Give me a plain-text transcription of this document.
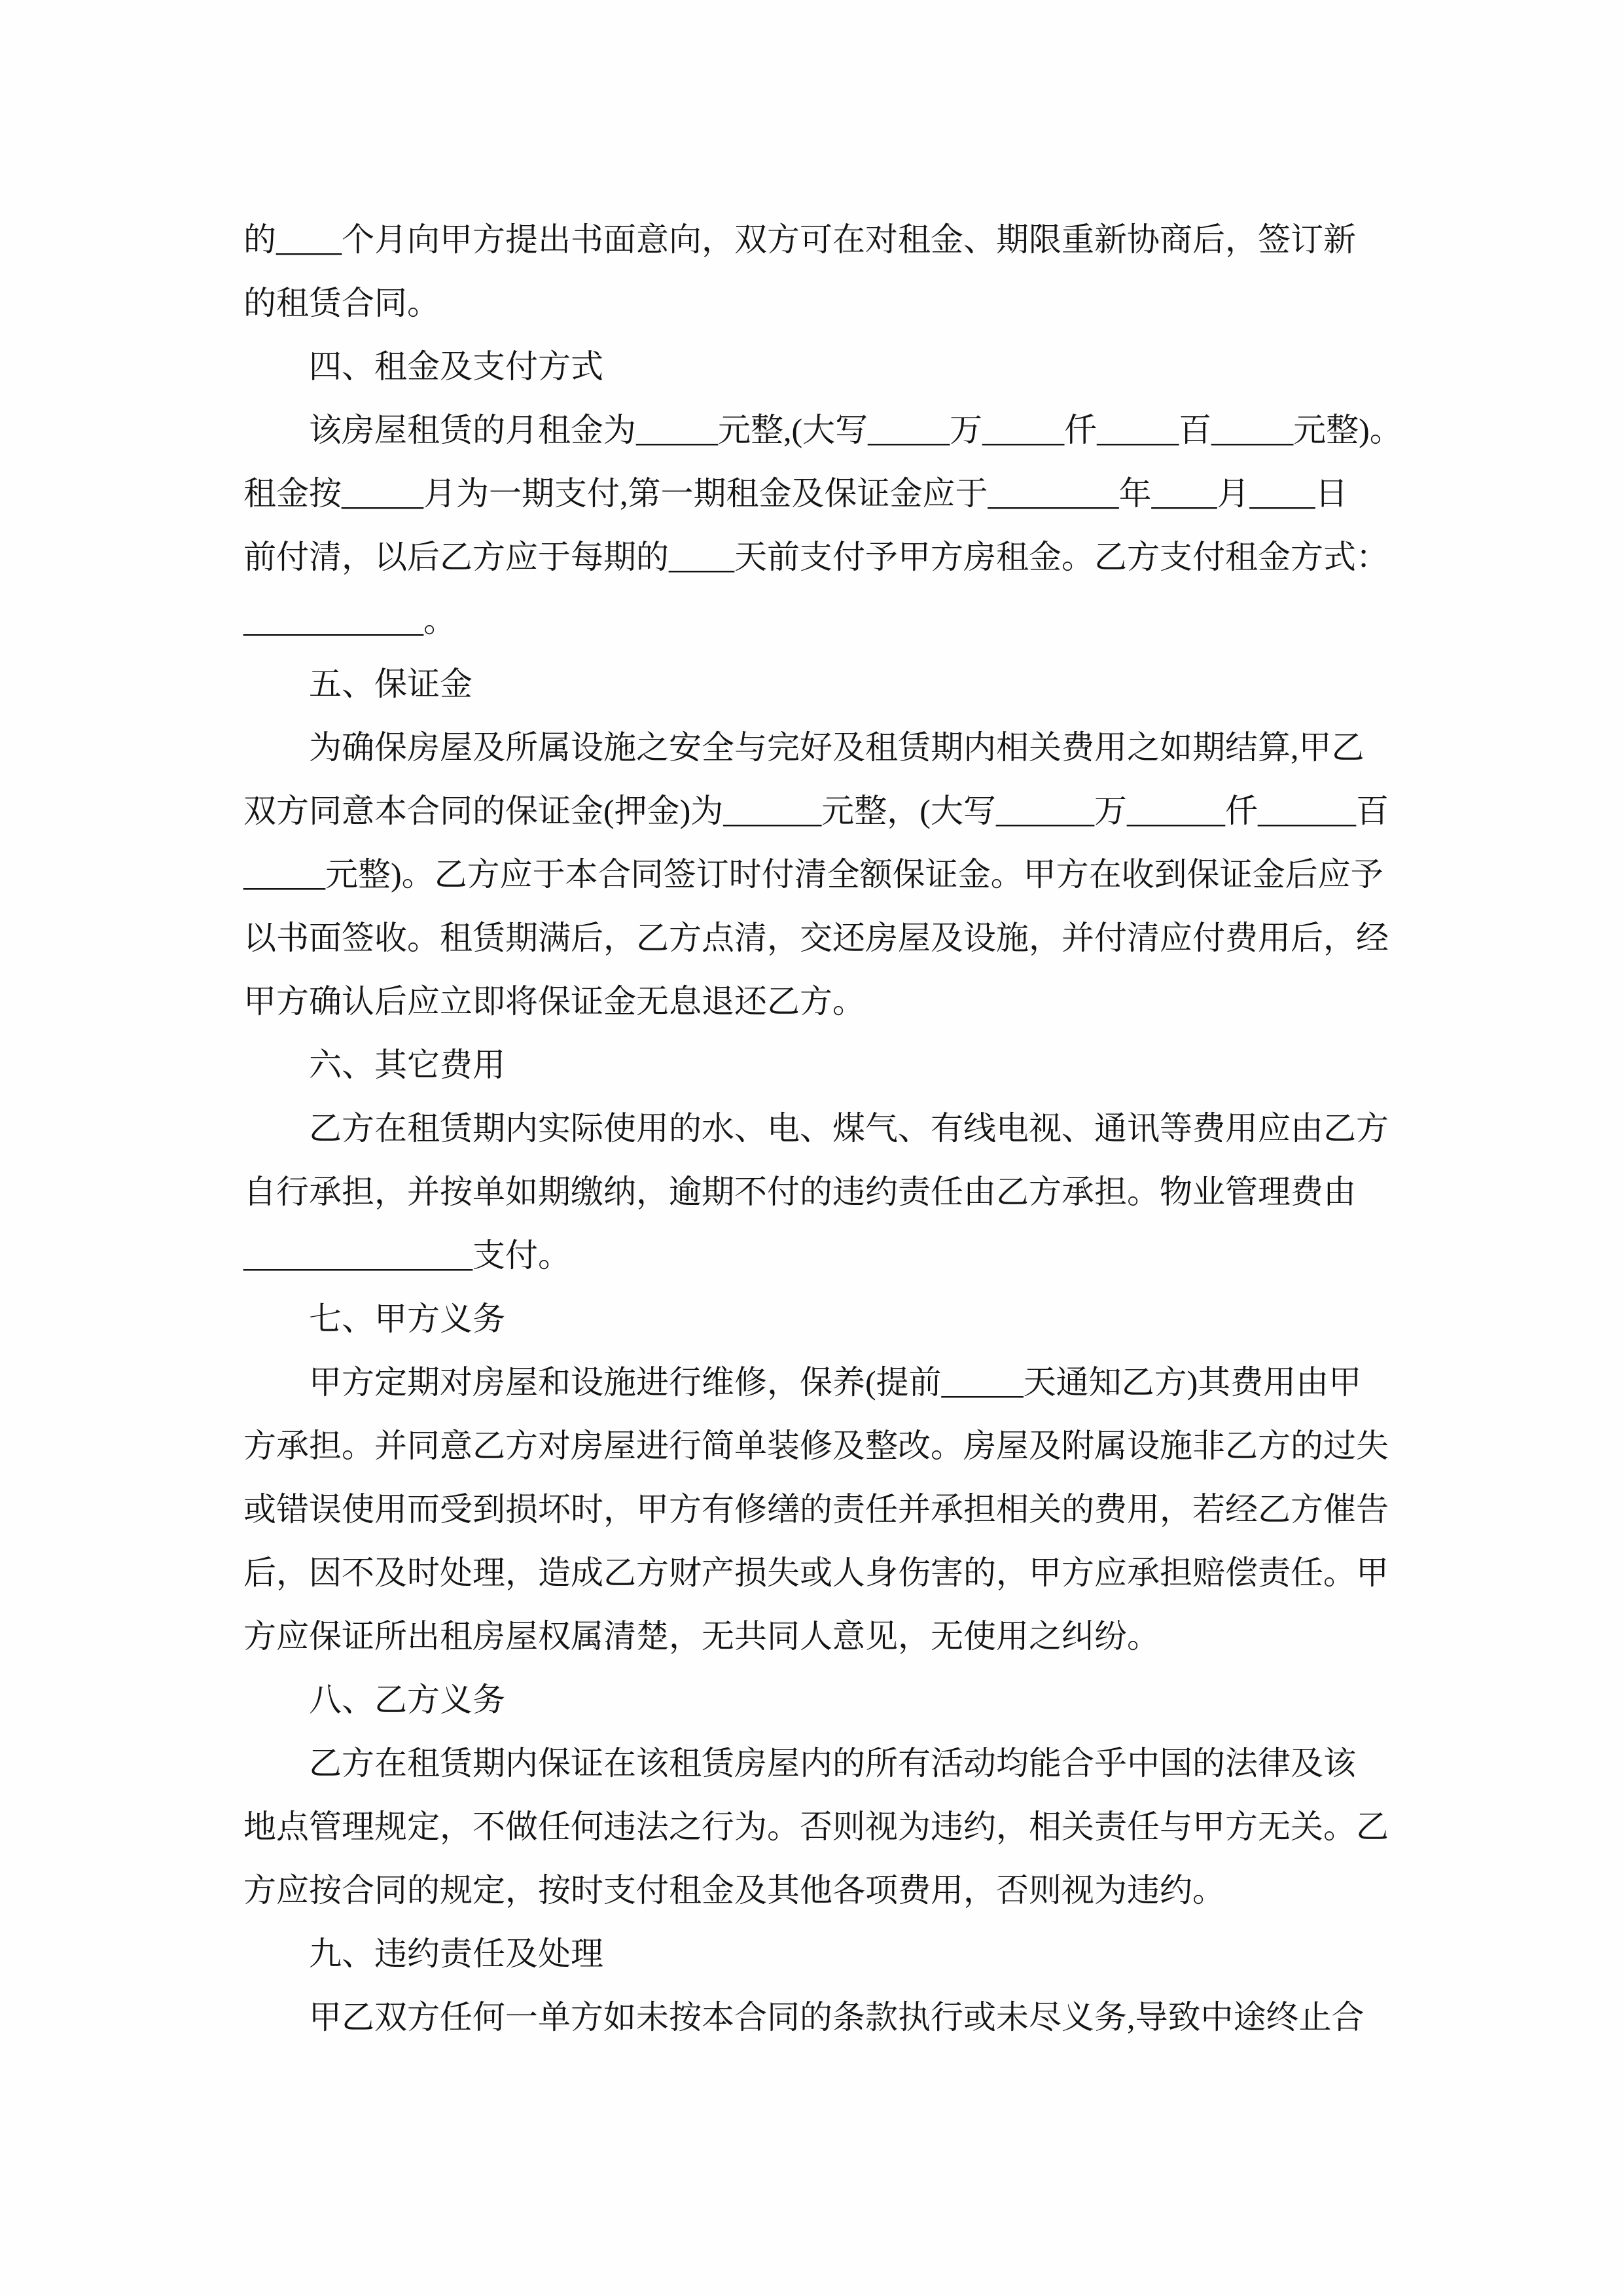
的____个月向甲方提出书面意向，双方可在对租金、期限重新协商后，签订新
的租赁合同。
四、租金及支付方式
该房屋租赁的月租金为_____元整,(大写_____万_____仟_____百_____元整)。
租金按_____月为一期支付,第一期租金及保证金应于________年____月____日
前付清，以后乙方应于每期的____天前支付予甲方房租金。乙方支付租金方式：
___________。
五、保证金
为确保房屋及所属设施之安全与完好及租赁期内相关费用之如期结算,甲乙
双方同意本合同的保证金(押金)为______元整，(大写______万______仟______百
_____元整)。乙方应于本合同签订时付清全额保证金。甲方在收到保证金后应予
以书面签收。租赁期满后，乙方点清，交还房屋及设施，并付清应付费用后，经
甲方确认后应立即将保证金无息退还乙方。
六、其它费用
乙方在租赁期内实际使用的水、电、煤气、有线电视、通讯等费用应由乙方
自行承担，并按单如期缴纳，逾期不付的违约责任由乙方承担。物业管理费由
______________支付。
七、甲方义务
甲方定期对房屋和设施进行维修，保养(提前_____天通知乙方)其费用由甲
方承担。并同意乙方对房屋进行简单装修及整改。房屋及附属设施非乙方的过失
或错误使用而受到损坏时，甲方有修缮的责任并承担相关的费用，若经乙方催告
后，因不及时处理，造成乙方财产损失或人身伤害的，甲方应承担赔偿责任。甲
方应保证所出租房屋权属清楚，无共同人意见，无使用之纠纷。
八、乙方义务
乙方在租赁期内保证在该租赁房屋内的所有活动均能合乎中国的法律及该
地点管理规定，不做任何违法之行为。否则视为违约，相关责任与甲方无关。乙
方应按合同的规定，按时支付租金及其他各项费用，否则视为违约。
九、违约责任及处理
甲乙双方任何一单方如未按本合同的条款执行或未尽义务,导致中途终止合
